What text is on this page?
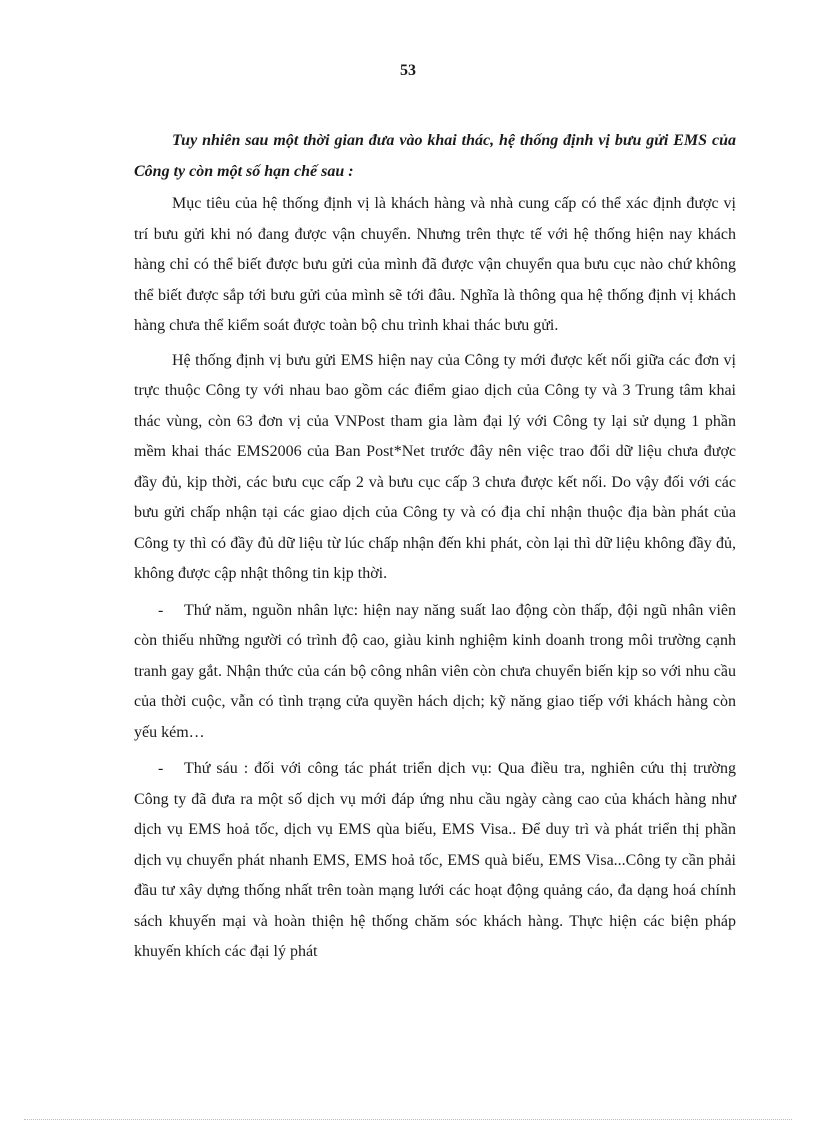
53

Tuy nhiên sau một thời gian đưa vào khai thác, hệ thống định vị bưu gửi EMS của Công ty còn một số hạn chế sau :

Mục tiêu của hệ thống định vị là khách hàng và nhà cung cấp có thể xác định được vị trí bưu gửi khi nó đang được vận chuyển. Nhưng trên thực tế với hệ thống hiện nay khách hàng chỉ có thể biết được bưu gửi của mình đã được vận chuyển qua bưu cục nào chứ không thể biết được sắp tới bưu gửi của mình sẽ tới đâu. Nghĩa là thông qua hệ thống định vị khách hàng chưa thể kiểm soát được toàn bộ chu trình khai thác bưu gửi.

Hệ thống định vị bưu gửi EMS hiện nay của Công ty mới được kết nối giữa các đơn vị trực thuộc Công ty với nhau bao gồm các điểm giao dịch của Công ty và 3 Trung tâm khai thác vùng, còn 63 đơn vị của VNPost tham gia làm đại lý với Công ty lại sử dụng 1 phần mềm khai thác EMS2006 của Ban Post*Net trước đây nên việc trao đổi dữ liệu chưa được đầy đủ, kịp thời, các bưu cục cấp 2 và bưu cục cấp 3 chưa được kết nối. Do vậy đối với các bưu gửi chấp nhận tại các giao dịch của Công ty và có địa chỉ nhận thuộc địa bàn phát của Công ty thì có đầy đủ dữ liệu từ lúc chấp nhận đến khi phát, còn lại thì dữ liệu không đầy đủ, không được cập nhật thông tin kịp thời.

- Thứ năm, nguồn nhân lực: hiện nay năng suất lao động còn thấp, đội ngũ nhân viên còn thiếu những người có trình độ cao, giàu kinh nghiệm kinh doanh trong môi trường cạnh tranh gay gắt. Nhận thức của cán bộ công nhân viên còn chưa chuyển biến kịp so với nhu cầu của thời cuộc, vẫn có tình trạng cửa quyền hách dịch; kỹ năng giao tiếp với khách hàng còn yếu kém…

- Thứ sáu : đối với công tác phát triển dịch vụ: Qua điều tra, nghiên cứu thị trường Công ty đã đưa ra một số dịch vụ mới đáp ứng nhu cầu ngày càng cao của khách hàng như dịch vụ EMS hoả tốc, dịch vụ EMS qùa biếu, EMS Visa.. Để duy trì và phát triển thị phần dịch vụ chuyển phát nhanh EMS, EMS hoả tốc, EMS quà biếu, EMS Visa...Công ty cần phải đầu tư xây dựng thống nhất trên toàn mạng lưới các hoạt động quảng cáo, đa dạng hoá chính sách khuyến mại và hoàn thiện hệ thống chăm sóc khách hàng. Thực hiện các biện pháp khuyến khích các đại lý phát
